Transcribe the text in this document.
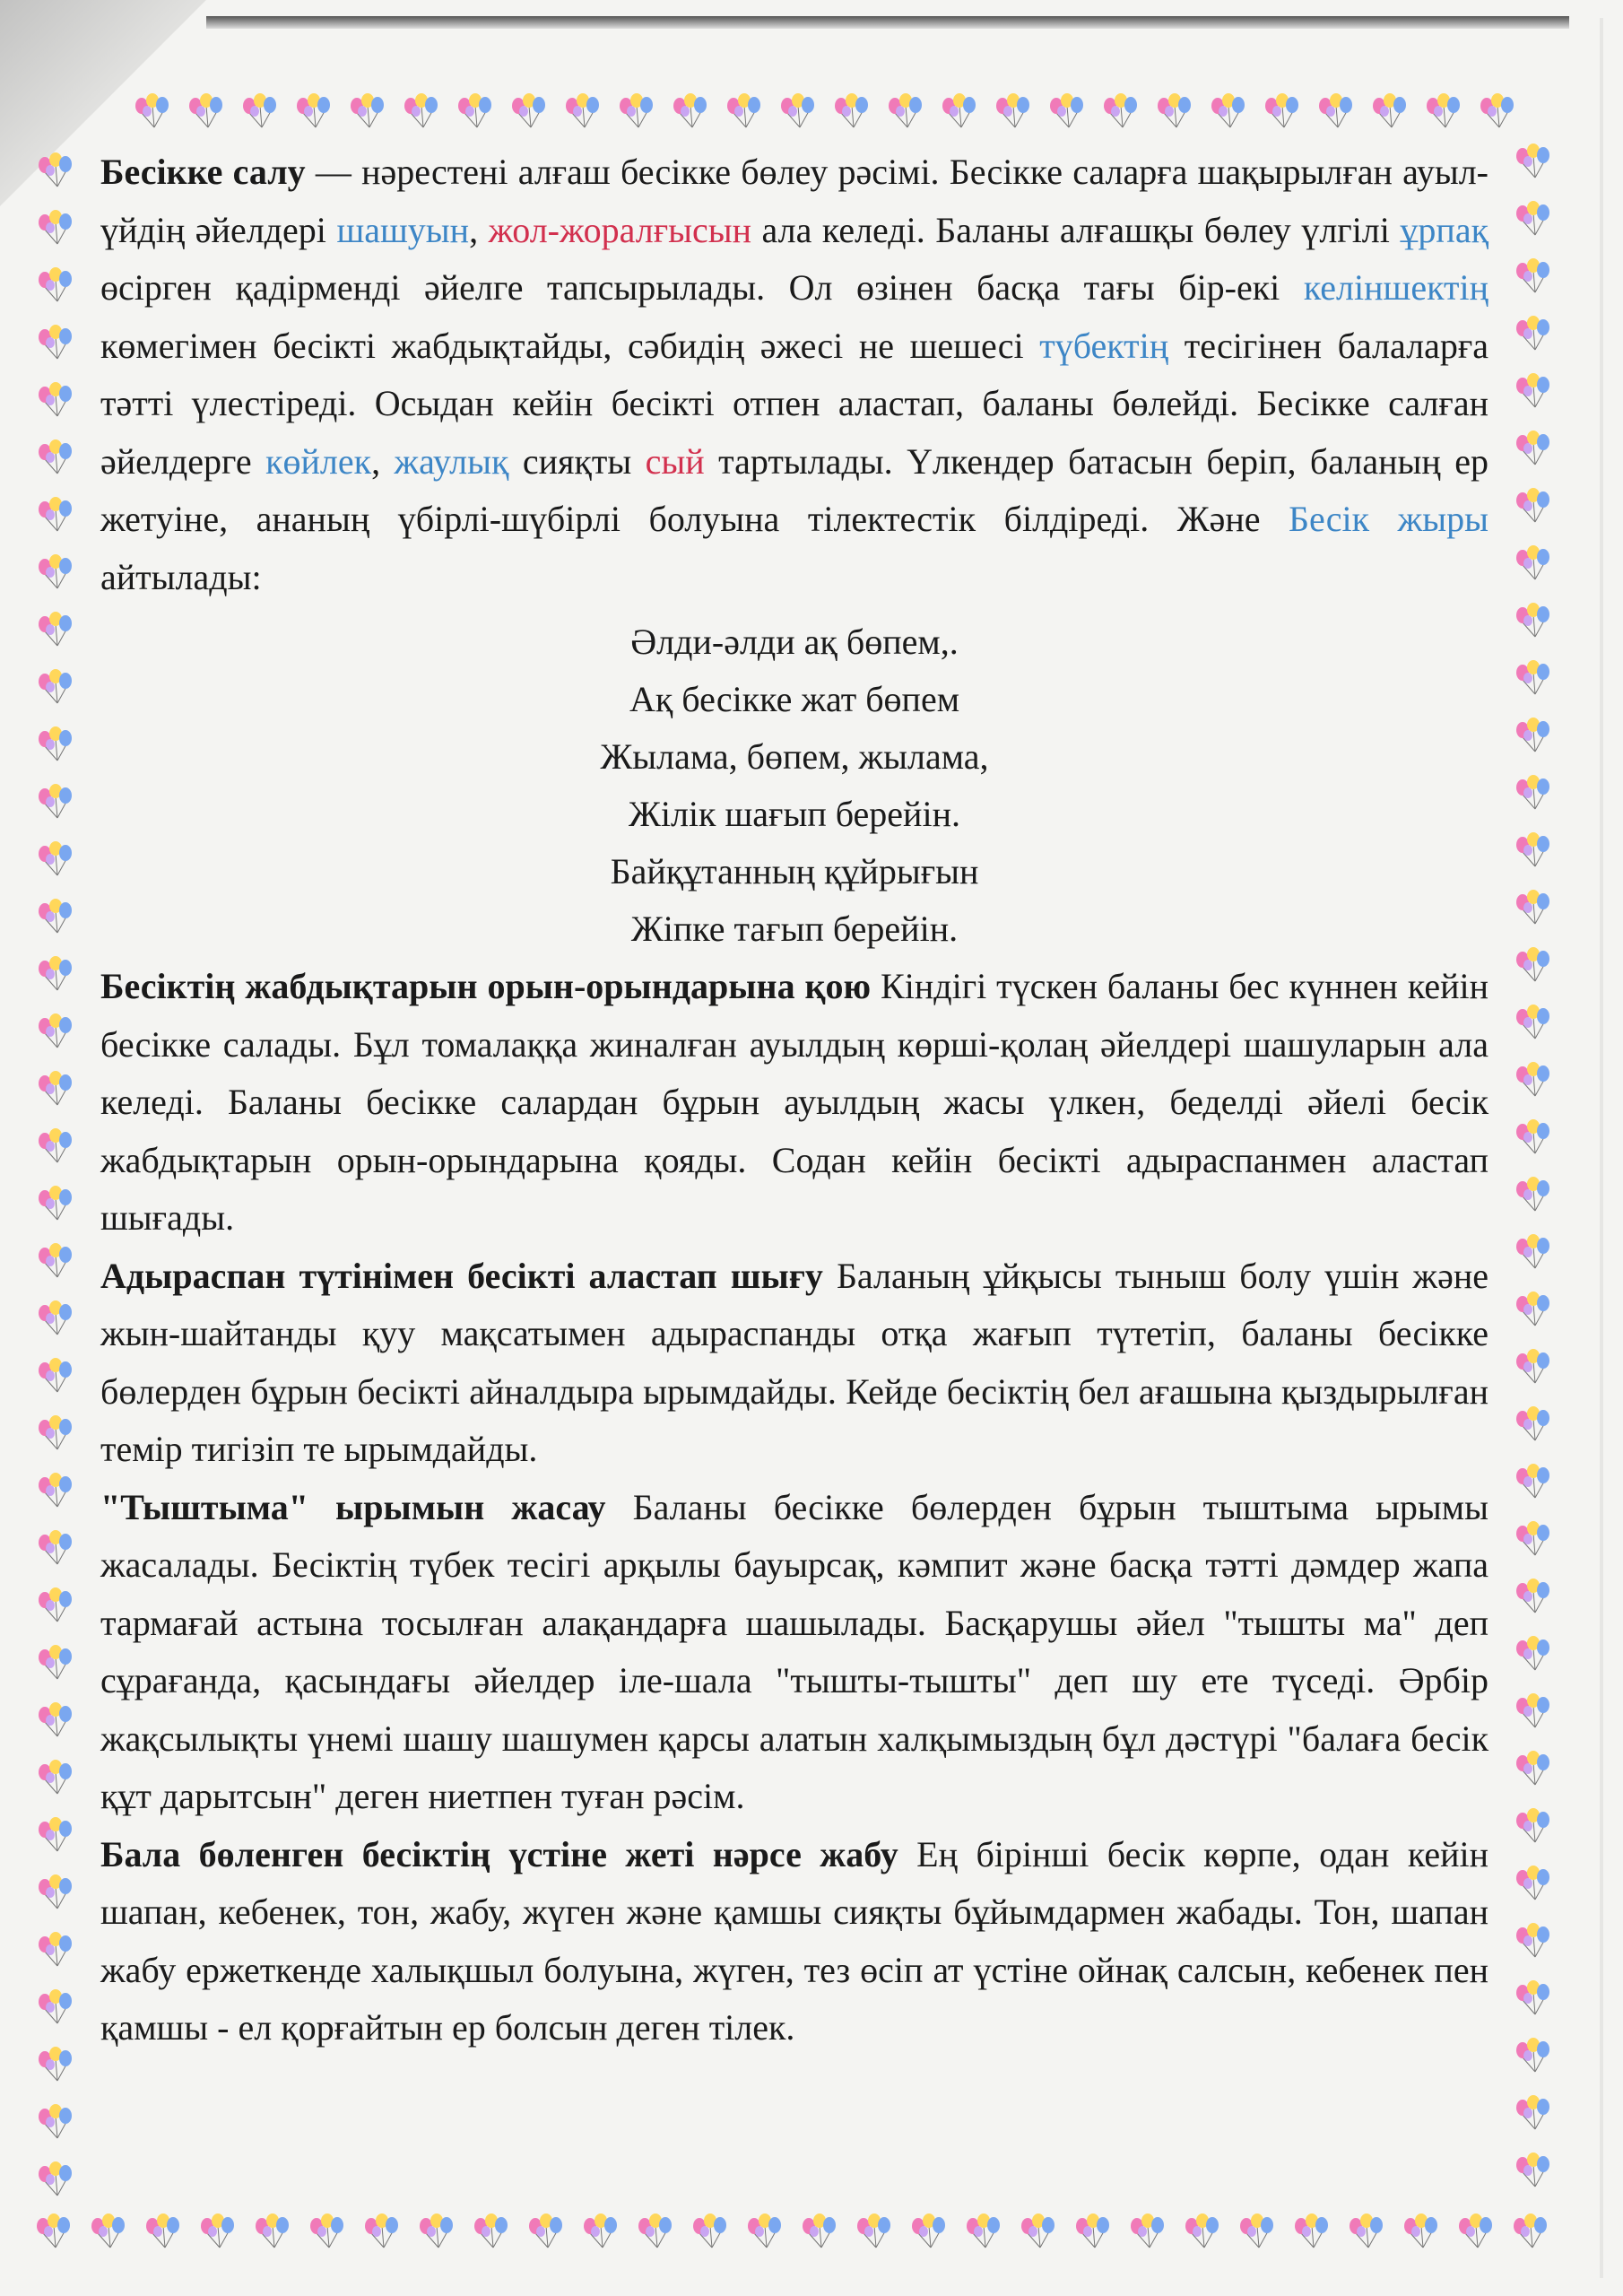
Бесікке салу — нәрестені алғаш бесікке бөлеу рәсімі. Бесікке саларға шақырылған ауыл-үйдің әйелдері шашуын, жол-жоралғысын ала келеді. Баланы алғашқы бөлеу үлгілі ұрпақ өсірген қадірменді әйелге тапсырылады. Ол өзінен басқа тағы бір-екі келіншектің көмегімен бесікті жабдықтайды, сәбидің әжесі не шешесі түбектің тесігінен балаларға тәтті үлестіреді. Осыдан кейін бесікті отпен аластап, баланы бөлейді. Бесікке салған әйелдерге көйлек, жаулық сияқты сый тартылады. Үлкендер батасын беріп, баланың ер жетуіне, ананың үбірлі-шүбірлі болуына тілектестік білдіреді. Және Бесік жыры айтылады:

Әлди-әлди ақ бөпем,.
Ақ бесікке жат бөпем
Жылама, бөпем, жылама,
Жілік шағып берейін.
Байқұтанның құйрығын
Жіпке тағып берейін.

Бесіктің жабдықтарын орын-орындарына қою Кіндігі түскен баланы бес күннен кейін бесікке салады. Бұл томалаққа жиналған ауылдың көрші-қолаң әйелдері шашуларын ала келеді. Баланы бесікке салардан бұрын ауылдың жасы үлкен, беделді әйелі бесік жабдықтарын орын-орындарына қояды. Содан кейін бесікті адыраспанмен аластап шығады.

Адыраспан түтінімен бесікті аластап шығу Баланың ұйқысы тыныш болу үшін және жын-шайтанды қуу мақсатымен адыраспанды отқа жағып түтетіп, баланы бесікке бөлерден бұрын бесікті айналдыра ырымдайды. Кейде бесіктің бел ағашына қыздырылған темір тигізіп те ырымдайды.

"Тыштыма" ырымын жасау Баланы бесікке бөлерден бұрын тыштыма ырымы жасалады. Бесіктің түбек тесігі арқылы бауырсақ, кәмпит және басқа тәтті дәмдер жапа тармағай астына тосылған алақандарға шашылады. Басқарушы әйел "тышты ма" деп сұрағанда, қасындағы әйелдер іле-шала "тышты-тышты" деп шу ете түседі. Әрбір жақсылықты үнемі шашу шашумен қарсы алатын халқымыздың бұл дәстүрі "балаға бесік құт дарытсын" деген ниетпен туған рәсім.

Бала бөленген бесіктің үстіне жеті нәрсе жабу Ең бірінші бесік көрпе, одан кейін шапан, кебенек, тон, жабу, жүген және қамшы сияқты бұйымдармен жабады. Тон, шапан жабу ержеткенде халықшыл болуына, жүген, тез өсіп ат үстіне ойнақ салсын, кебенек пен қамшы - ел қорғайтын ер болсын деген тілек.
